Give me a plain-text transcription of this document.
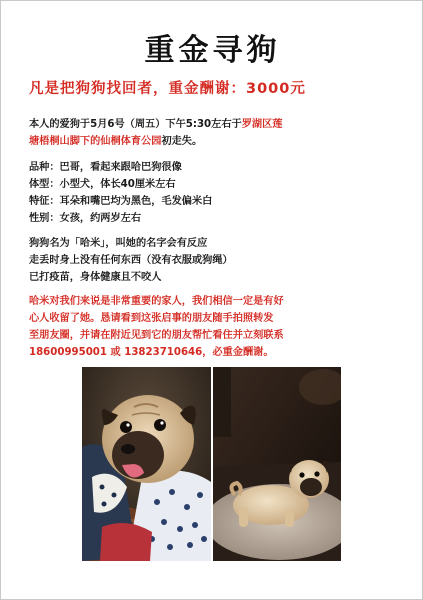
重金寻狗
凡是把狗狗找回者，重金酬谢：3000元
本人的爱狗于5月6号（周五）下午5:30左右于罗湖区莲
塘梧桐山脚下的仙桐体育公园初走失。
品种：巴哥，看起来跟哈巴狗很像
体型：小型犬，体长40厘米左右
特征：耳朵和嘴巴均为黑色，毛发偏米白
性别：女孩，约两岁左右
狗狗名为「哈米」，叫她的名字会有反应
走丢时身上没有任何东西（没有衣服或狗绳）
已打疫苗，身体健康且不咬人
哈米对我们来说是非常重要的家人，我们相信一定是有好
心人收留了她。恳请看到这张启事的朋友随手拍照转发
至朋友圈，并请在附近见到它的朋友帮忙看住并立刻联系
18600995001 或 13823710646，必重金酬谢。
